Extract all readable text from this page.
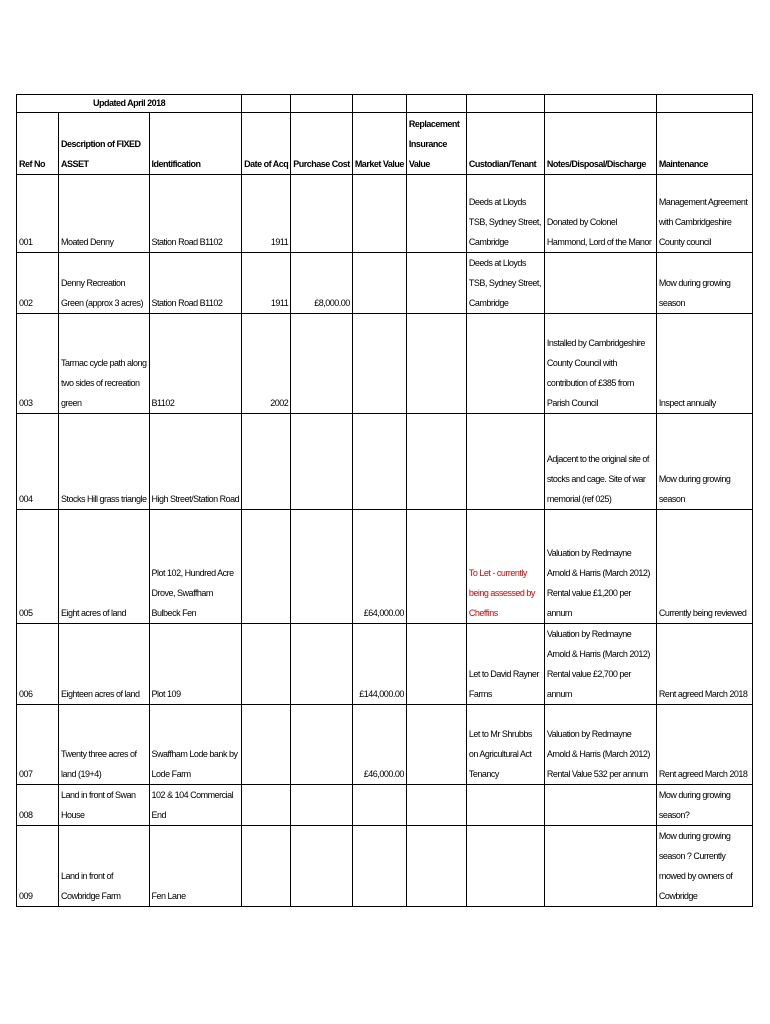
Updated April 2018									
Ref No	Description of FIXED ASSET	Identification	Date of Acq	Purchase Cost	Market Value	Replacement Insurance Value	Custodian/Tenant	Notes/Disposal/Discharge	Maintenance
001	Moated Denny	Station Road B1102	1911				Deeds at Lloyds TSB, Sydney Street, Cambridge	Donated by Colonel Hammond, Lord of the Manor	Management Agreement with Cambridgeshire County council
002	Denny Recreation Green (approx 3 acres)	Station Road B1102	1911	£8,000.00			Deeds at Lloyds TSB, Sydney Street, Cambridge		Mow during growing season
003	Tarmac cycle path along two sides of recreation green	B1102	2002					Installed by Cambridgeshire County Council with contribution of £385 from Parish Council	Inspect annually
004	Stocks Hill grass triangle	High Street/Station Road						Adjacent to the original site of stocks and cage. Site of war memorial (ref 025)	Mow during growing season
005	Eight acres of land	Plot 102, Hundred Acre Drove, Swaffham Bulbeck Fen			£64,000.00		To Let - currently being assessed by Cheffins	Valuation by Redmayne Arnold & Harris (March 2012) Rental value £1,200 per annum	Currently being reviewed
006	Eighteen acres of land	Plot 109			£144,000.00		Let to David Rayner Farms	Valuation by Redmayne Arnold & Harris (March 2012) Rental value £2,700 per annum	Rent agreed March 2018
007	Twenty three acres of land (19+4)	Swaffham Lode bank by Lode Farm			£46,000.00		Let to Mr Shrubbs on Agricultural Act Tenancy	Valuation by Redmayne Arnold & Harris (March 2012) Rental Value 532 per annum	Rent agreed March 2018
008	Land in front of Swan House	102 & 104 Commercial End							Mow during growing season?
009	Land in front of Cowbridge Farm	Fen Lane							Mow during growing season ? Currently mowed by owners of Cowbridge
